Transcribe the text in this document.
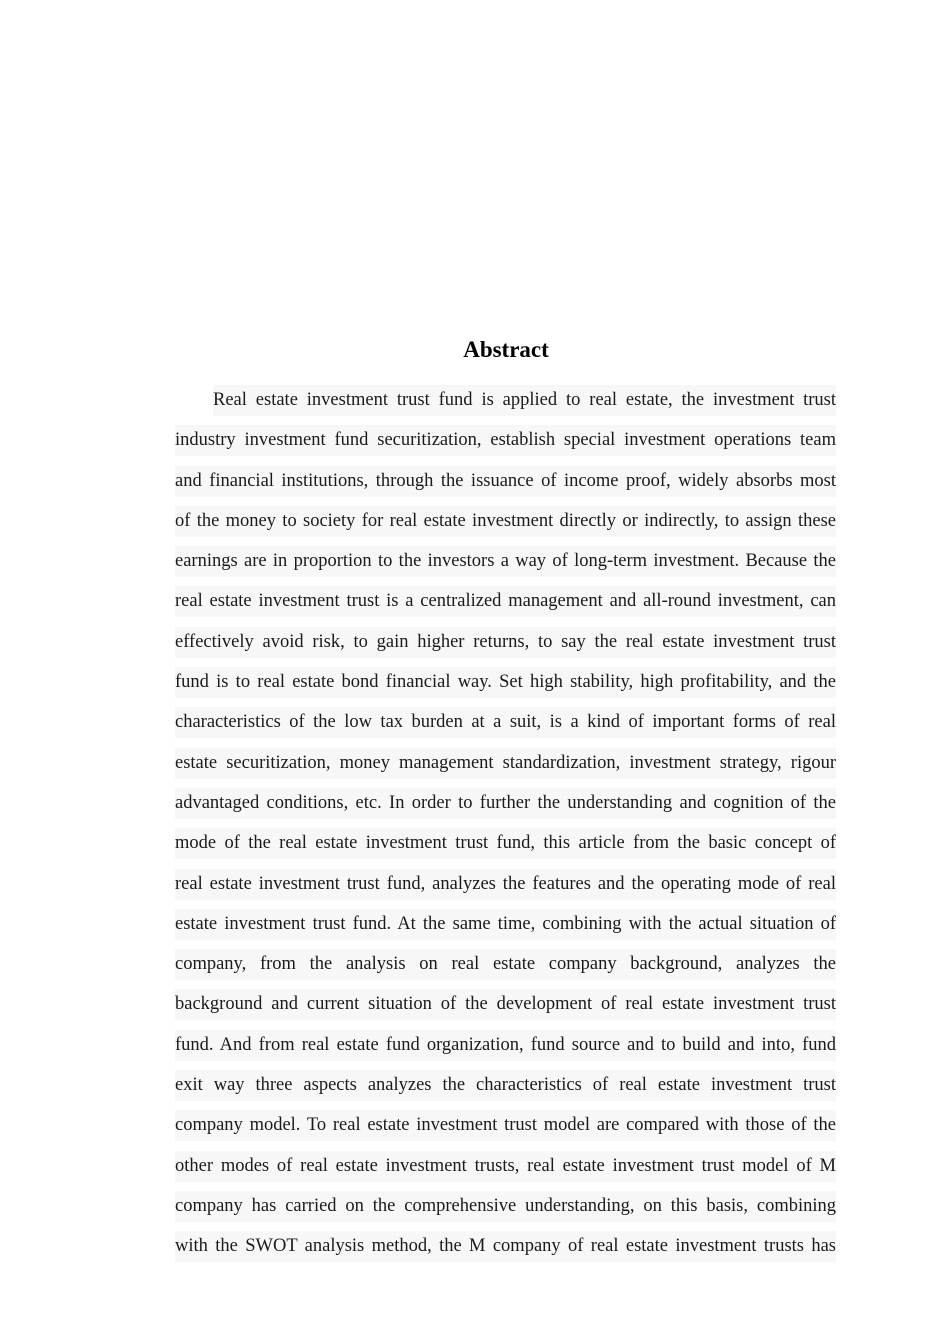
Abstract
Real estate investment trust fund is applied to real estate, the investment trust
industry investment fund securitization, establish special investment operations team
and financial institutions, through the issuance of income proof, widely absorbs most
of the money to society for real estate investment directly or indirectly, to assign these
earnings are in proportion to the investors a way of long-term investment. Because the
real estate investment trust is a centralized management and all-round investment, can
effectively avoid risk, to gain higher returns, to say the real estate investment trust
fund is to real estate bond financial way. Set high stability, high profitability, and the
characteristics of the low tax burden at a suit, is a kind of important forms of real
estate securitization, money management standardization, investment strategy, rigour
advantaged conditions, etc. In order to further the understanding and cognition of the
mode of the real estate investment trust fund, this article from the basic concept of
real estate investment trust fund, analyzes the features and the operating mode of real
estate investment trust fund. At the same time, combining with the actual situation of
company, from the analysis on real estate company background, analyzes the
background and current situation of the development of real estate investment trust
fund. And from real estate fund organization, fund source and to build and into, fund
exit way three aspects analyzes the characteristics of real estate investment trust
company model. To real estate investment trust model are compared with those of the
other modes of real estate investment trusts, real estate investment trust model of M
company has carried on the comprehensive understanding, on this basis, combining
with the SWOT analysis method, the M company of real estate investment trusts has
